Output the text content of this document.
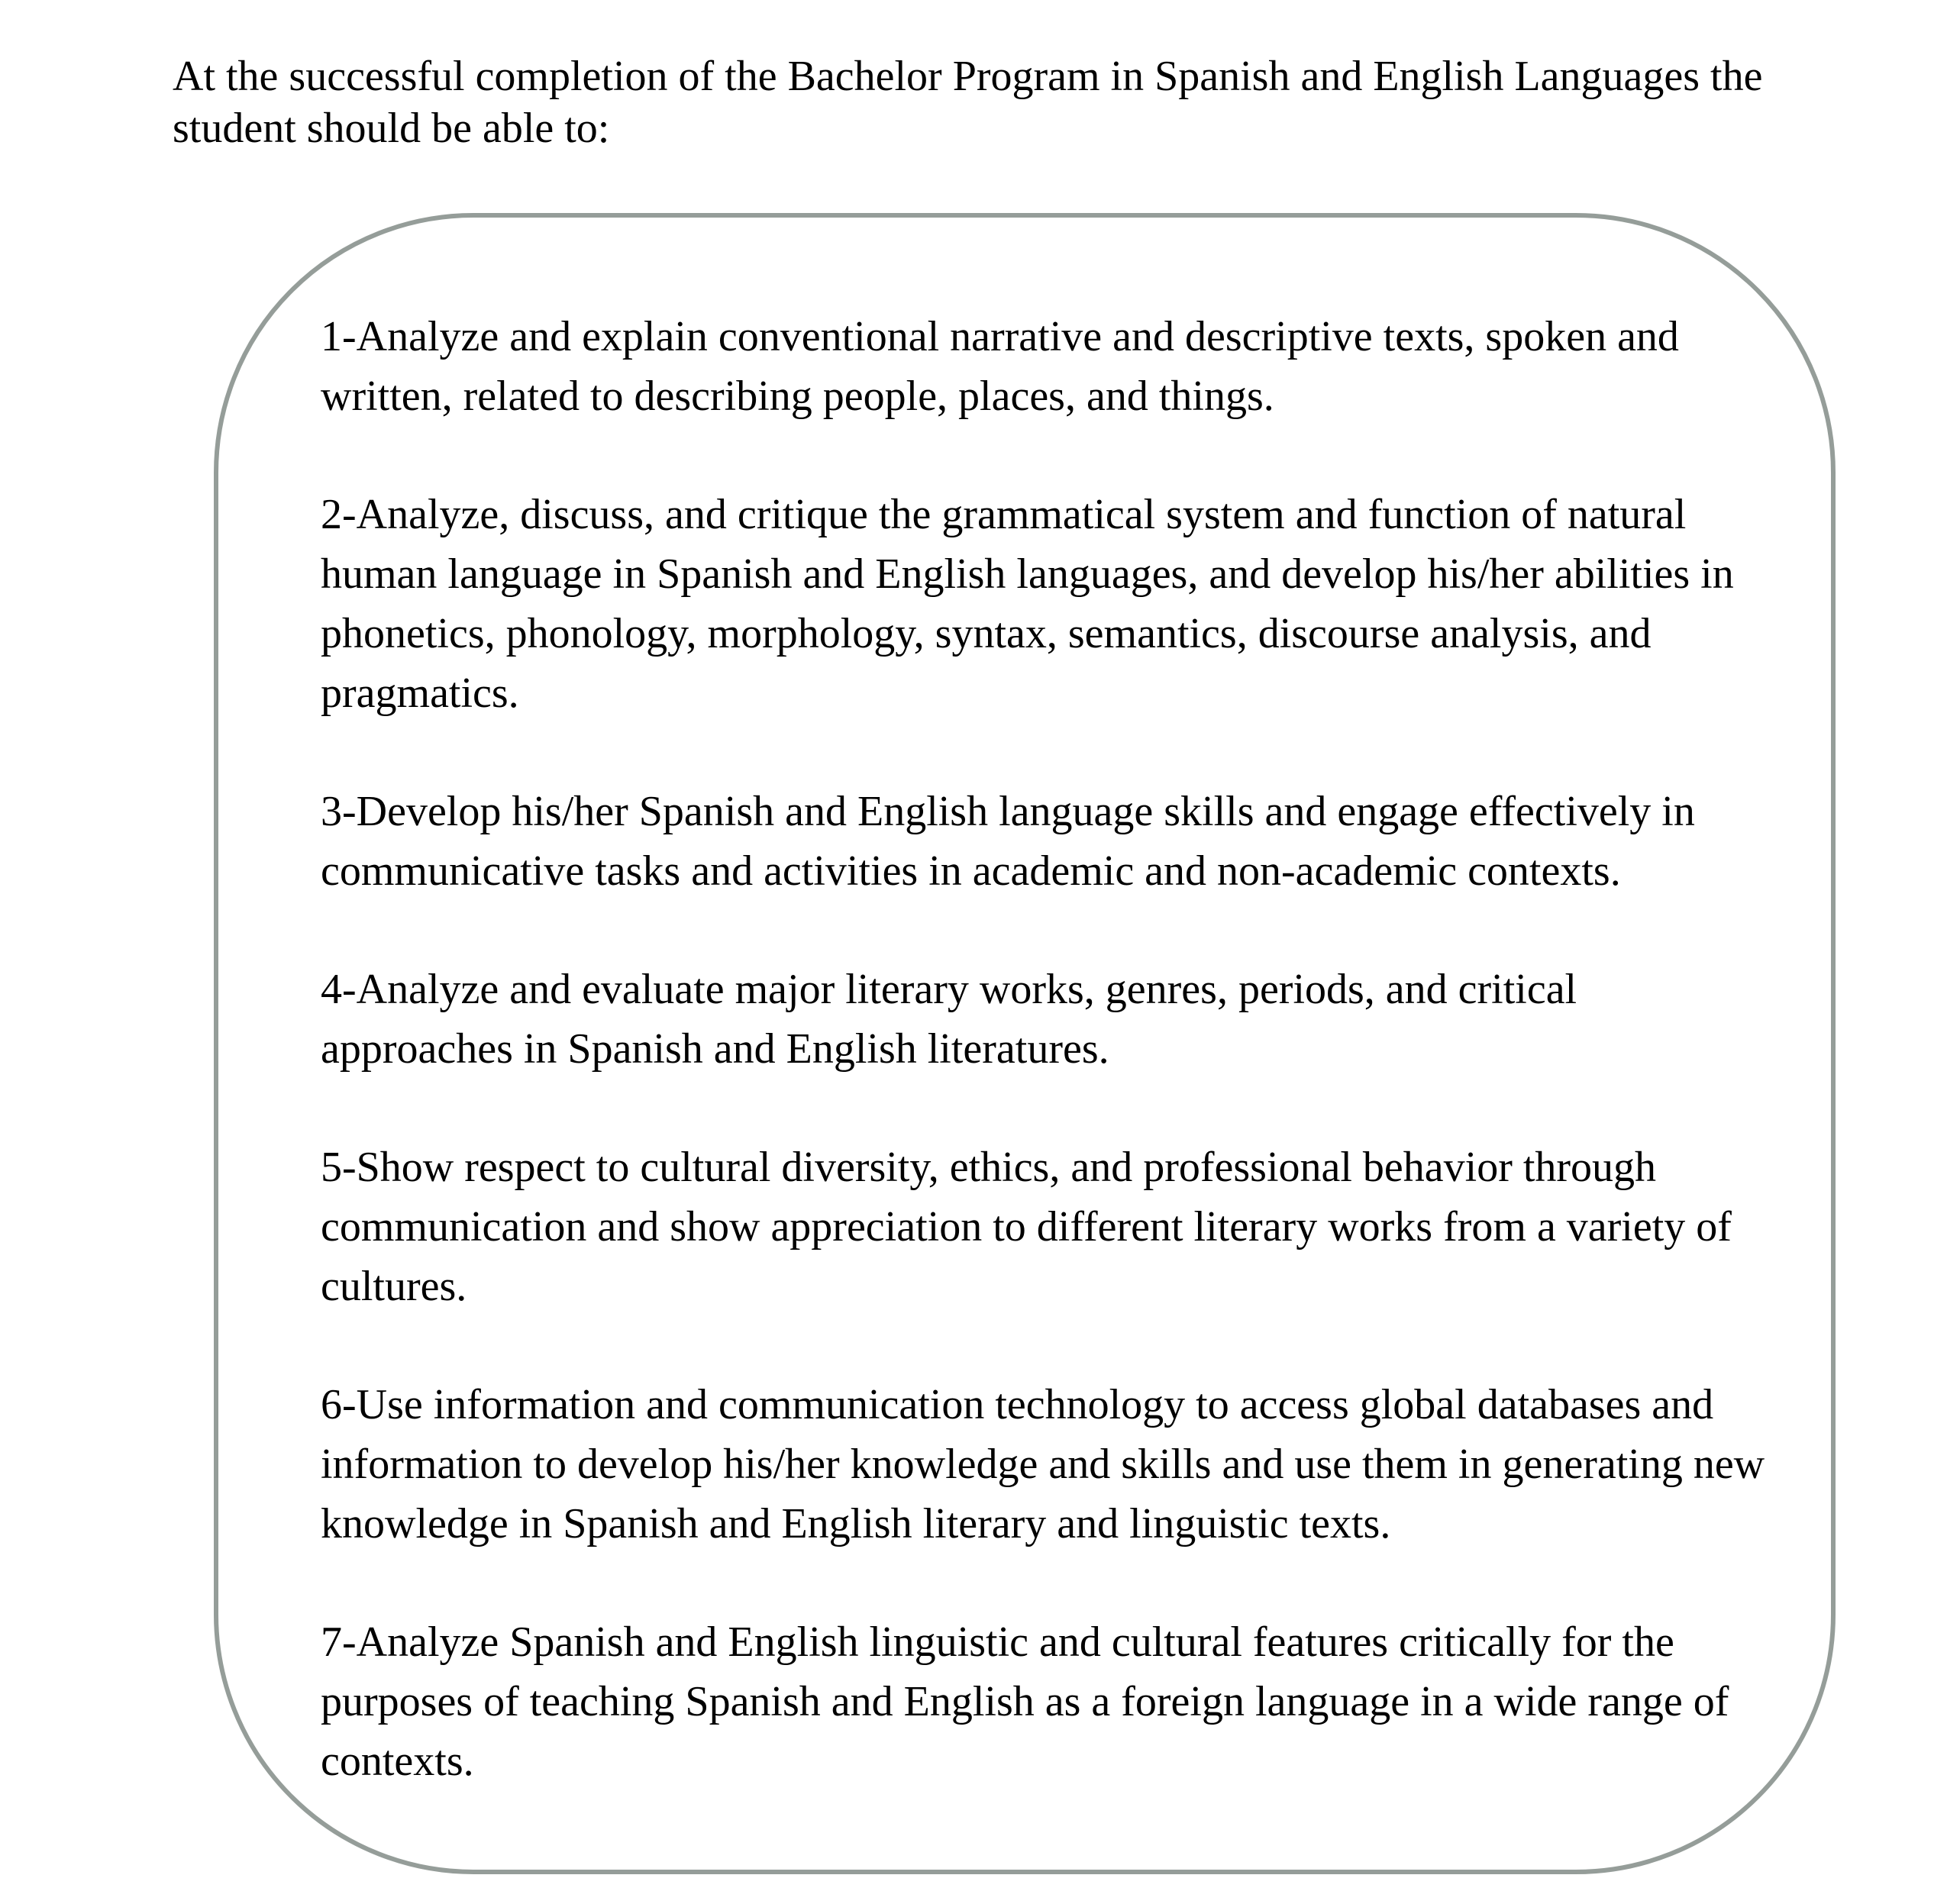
At the successful completion of the Bachelor Program in Spanish and English Languages the student should be able to:

1-Analyze and explain conventional narrative and descriptive texts, spoken and written, related to describing people, places, and things.
2-Analyze, discuss, and critique the grammatical system and function of natural human language in Spanish and English languages, and develop his/her abilities in phonetics, phonology, morphology, syntax, semantics, discourse analysis, and pragmatics.
3-Develop his/her Spanish and English language skills and engage effectively in communicative tasks and activities in academic and non-academic contexts.
4-Analyze and evaluate major literary works, genres, periods, and critical approaches in Spanish and English literatures.
5-Show respect to cultural diversity, ethics, and professional behavior through communication and show appreciation to different literary works from a variety of cultures.
6-Use information and communication technology to access global databases and information to develop his/her knowledge and skills and use them in generating new knowledge in Spanish and English literary and linguistic texts.
7-Analyze Spanish and English linguistic and cultural features critically for the purposes of teaching Spanish and English as a foreign language in a wide range of contexts.
